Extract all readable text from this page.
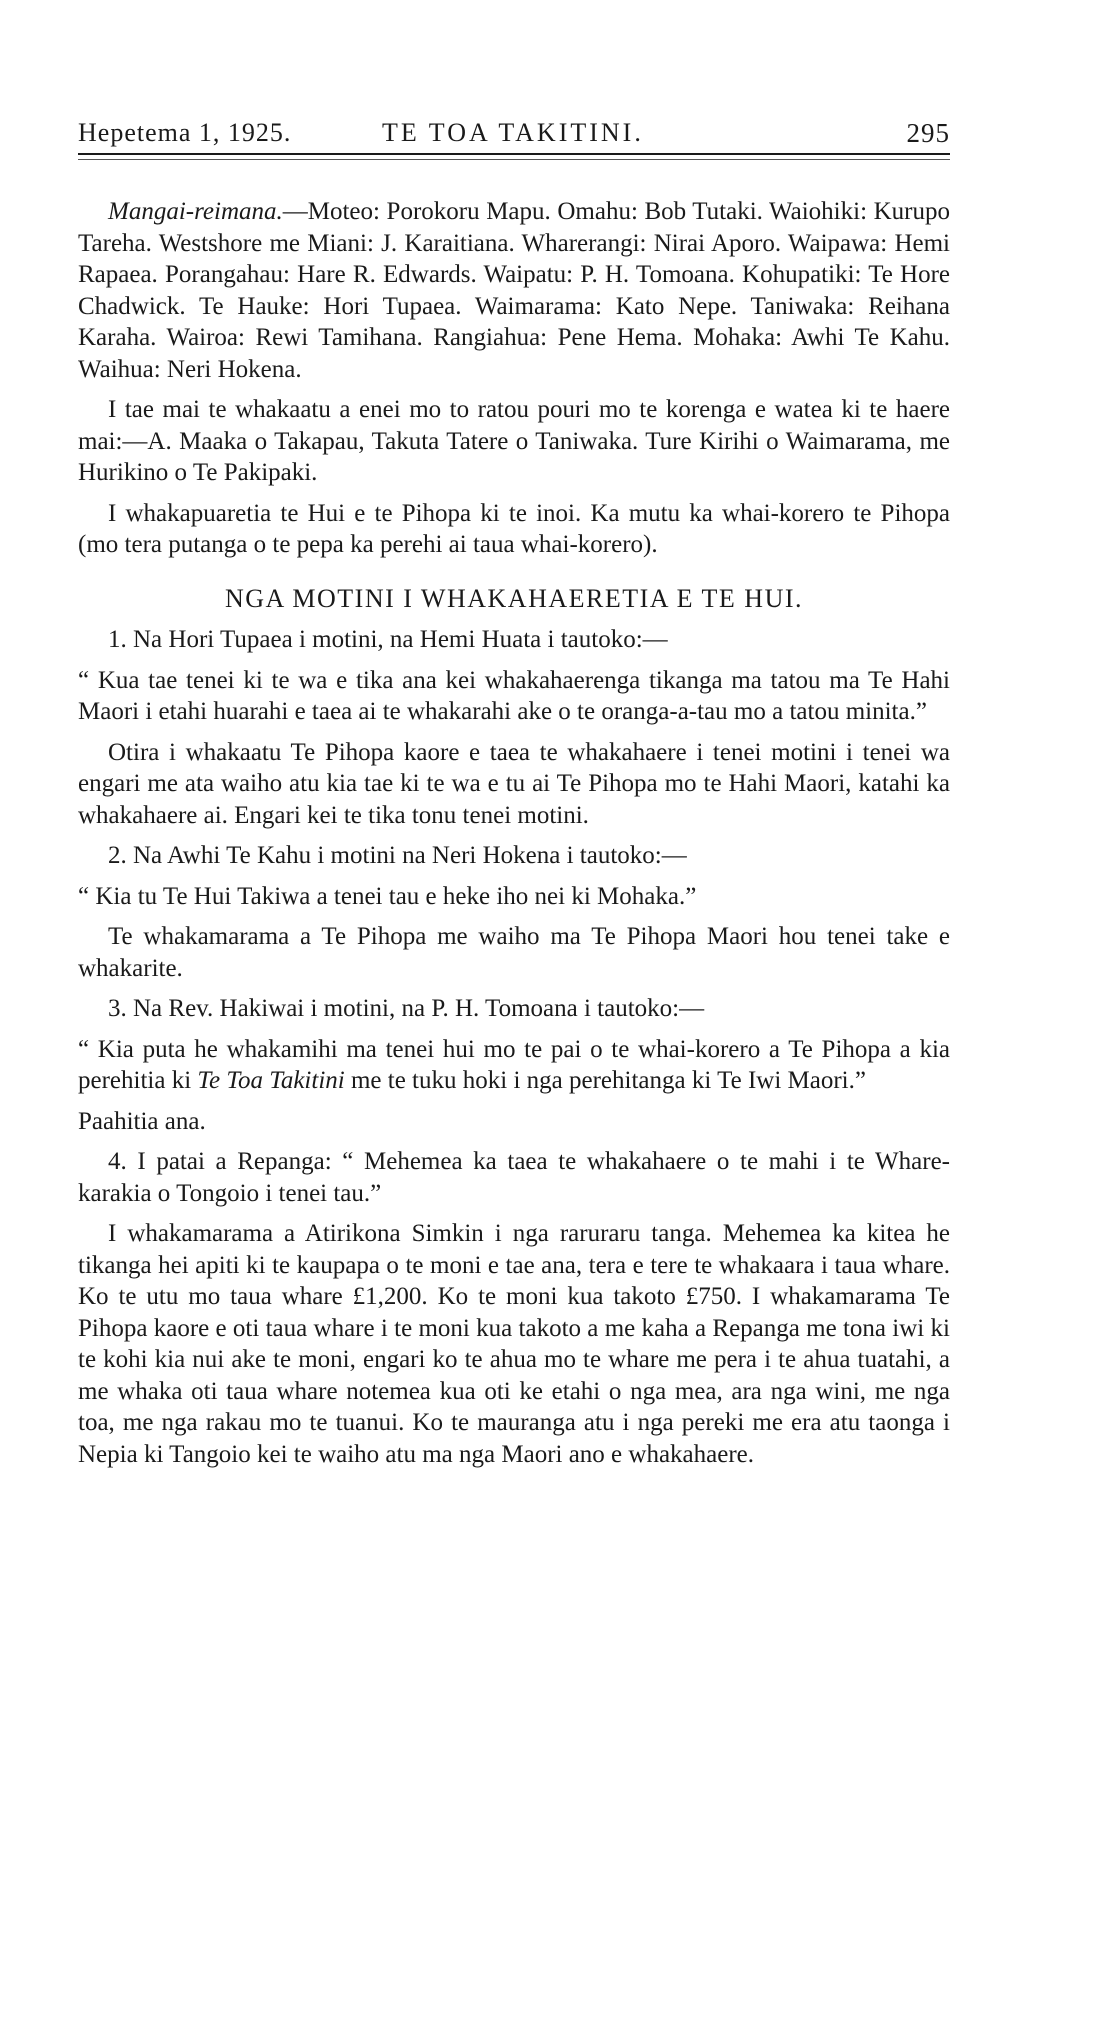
Hepetema 1, 1925.	TE TOA TAKITINI.	295

Mangai-reimana.—Moteo: Porokoru Mapu. Omahu: Bob Tutaki. Waiohiki: Kurupo Tareha. Westshore me Miani: J. Karaitiana. Wharerangi: Nirai Aporo. Waipawa: Hemi Rapaea. Porangahau: Hare R. Edwards. Waipatu: P. H. Tomoana. Kohupatiki: Te Hore Chadwick. Te Hauke: Hori Tupaea. Waimarama: Kato Nepe. Taniwaka: Reihana Karaha. Wairoa: Rewi Tamihana. Rangiahua: Pene Hema. Mohaka: Awhi Te Kahu. Waihua: Neri Hokena.

I tae mai te whakaatu a enei mo to ratou pouri mo te korenga e watea ki te haere mai:—A. Maaka o Takapau, Takuta Tatere o Taniwaka. Ture Kirihi o Waimarama, me Hurikino o Te Pakipaki.

I whakapuaretia te Hui e te Pihopa ki te inoi. Ka mutu ka whai-korero te Pihopa (mo tera putanga o te pepa ka perehi ai taua whai-korero).

NGA MOTINI I WHAKAHAERETIA E TE HUI.

1. Na Hori Tupaea i motini, na Hemi Huata i tautoko:—

“ Kua tae tenei ki te wa e tika ana kei whakahaerenga tikanga ma tatou ma Te Hahi Maori i etahi huarahi e taea ai te whakarahi ake o te oranga-a-tau mo a tatou minita.”

Otira i whakaatu Te Pihopa kaore e taea te whakahaere i tenei motini i tenei wa engari me ata waiho atu kia tae ki te wa e tu ai Te Pihopa mo te Hahi Maori, katahi ka whakahaere ai. Engari kei te tika tonu tenei motini.

2. Na Awhi Te Kahu i motini na Neri Hokena i tautoko:—

“ Kia tu Te Hui Takiwa a tenei tau e heke iho nei ki Mohaka.”

Te whakamarama a Te Pihopa me waiho ma Te Pihopa Maori hou tenei take e whakarite.

3. Na Rev. Hakiwai i motini, na P. H. Tomoana i tautoko:—

“ Kia puta he whakamihi ma tenei hui mo te pai o te whai-korero a Te Pihopa a kia perehitia ki Te Toa Takitini me te tuku hoki i nga perehitanga ki Te Iwi Maori.”

Paahitia ana.

4. I patai a Repanga: “ Mehemea ka taea te whakahaere o te mahi i te Whare-karakia o Tongoio i tenei tau.”

I whakamarama a Atirikona Simkin i nga raruraru tanga. Mehemea ka kitea he tikanga hei apiti ki te kaupapa o te moni e tae ana, tera e tere te whakaara i taua whare. Ko te utu mo taua whare £1,200. Ko te moni kua takoto £750. I whakamarama Te Pihopa kaore e oti taua whare i te moni kua takoto a me kaha a Repanga me tona iwi ki te kohi kia nui ake te moni, engari ko te ahua mo te whare me pera i te ahua tuatahi, a me whaka oti taua whare notemea kua oti ke etahi o nga mea, ara nga wini, me nga toa, me nga rakau mo te tuanui. Ko te mauranga atu i nga pereki me era atu taonga i Nepia ki Tangoio kei te waiho atu ma nga Maori ano e whakahaere.
